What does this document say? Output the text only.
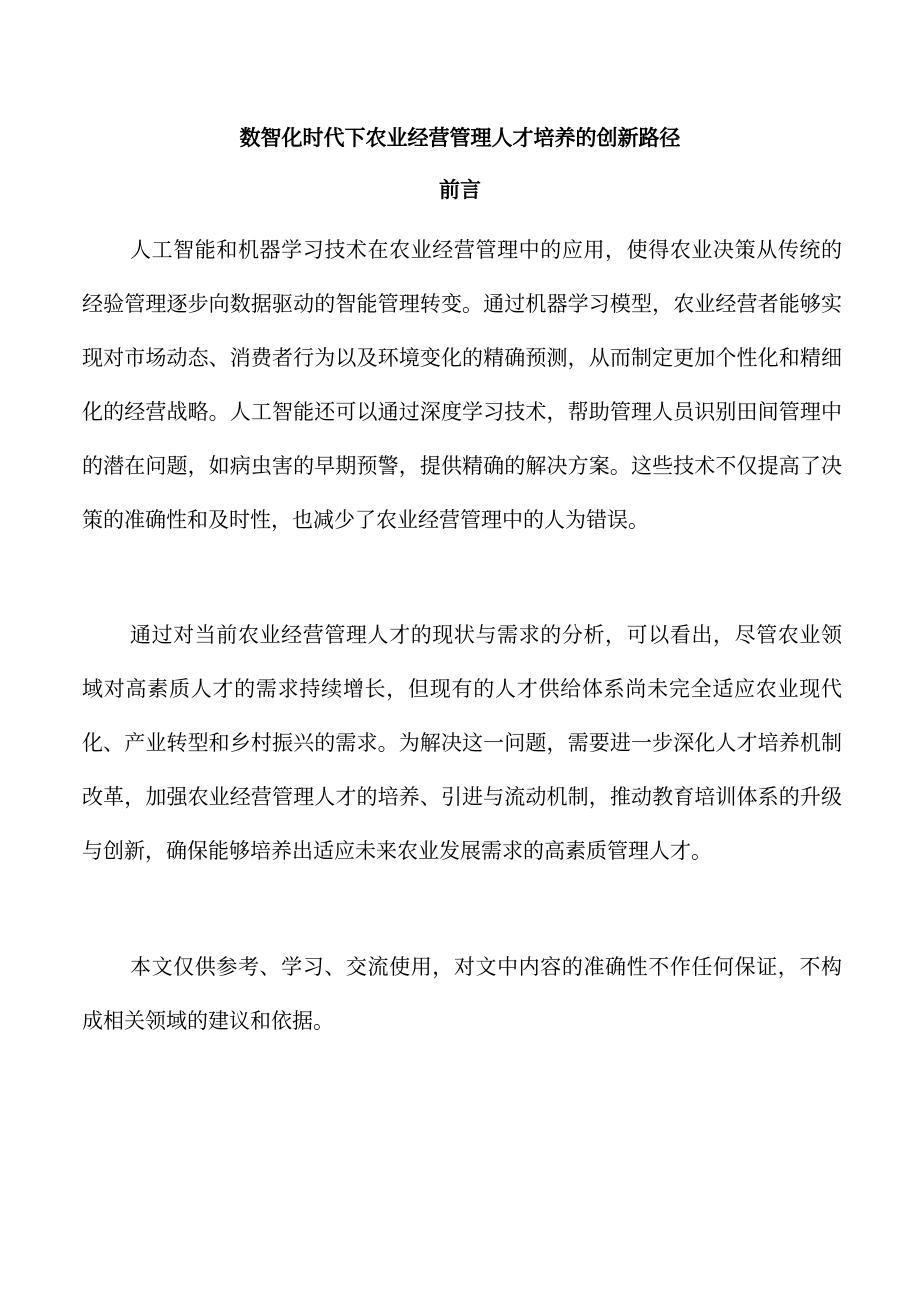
数智化时代下农业经营管理人才培养的创新路径
前言

人工智能和机器学习技术在农业经营管理中的应用，使得农业决策从传统的经验管理逐步向数据驱动的智能管理转变。通过机器学习模型，农业经营者能够实现对市场动态、消费者行为以及环境变化的精确预测，从而制定更加个性化和精细化的经营战略。人工智能还可以通过深度学习技术，帮助管理人员识别田间管理中的潜在问题，如病虫害的早期预警，提供精确的解决方案。这些技术不仅提高了决策的准确性和及时性，也减少了农业经营管理中的人为错误。

通过对当前农业经营管理人才的现状与需求的分析，可以看出，尽管农业领域对高素质人才的需求持续增长，但现有的人才供给体系尚未完全适应农业现代化、产业转型和乡村振兴的需求。为解决这一问题，需要进一步深化人才培养机制改革，加强农业经营管理人才的培养、引进与流动机制，推动教育培训体系的升级与创新，确保能够培养出适应未来农业发展需求的高素质管理人才。

本文仅供参考、学习、交流使用，对文中内容的准确性不作任何保证，不构成相关领域的建议和依据。
